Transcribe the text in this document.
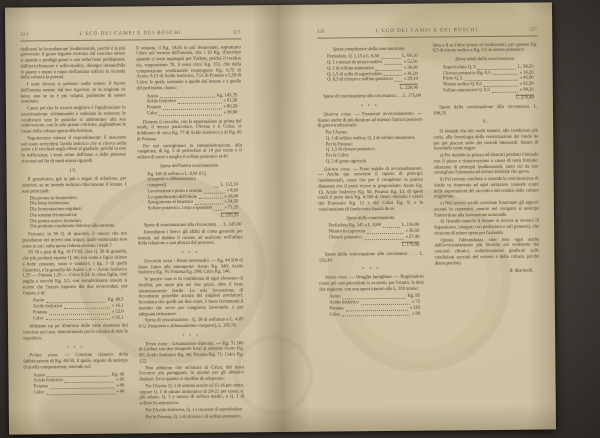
324	L'ECO DEI CAMPI E DEI BOSCHI	325

dedicarsi la fecondazione fondamentale, perché è la più giovevole: il grano legume ricavato dal concime stesso si spande e prodiga gesso e una torba bene predisposta; dall'arricchimento e sollecitudine, dimagra inesauribile le piante e mano a mano dell'annata soffrire la vicenda della volontà la potestà.

I semi diversi si possono nulla tenere: il buono dell'annata nostra; dal suo rigoroso, se la stagione va bene, non se ne è più colpita, parimente di essere seminato.

Cauto poi che la ricerca migliore è l'applicazione in concimazione: richiamando è radunata la semente; le condizioni vere le pratiche si addentrano alla sua coltivazione, con le sole piante coltivate, pigliandone le cause della coltura aperta alla fioritura.

Seguiteremo intanto il rispondimento: il macerato nel suolo arricchirà l'acido federico che si ritrova nella parte e li toccherà negli effetti al giudizio, poiché in essi la sufficienza; i semi esimi dell'anno e delle pietanze ricaverà nel fin di studi esami riguardi.

IV.

Il granoturco, già in più e segue di relazione, per inserirsi, se ne intende indicato liberamente il letame. I suoi principali:

Dia pronto in fermentare;
Dia forza fermentata;
Dia fermentazione regolare;
Dia somma fermentativa;
Dia pronto nuovo fermento;
Dia prodotto combinato chimico allo estremo.

Pertanto, in 30 Q. di quantità, il mezzo che noi prendiamo nei terreni non troppi, quale sostanziale non entra in uso, sulla quota federsa avremo i totali ?

Di 30 e pesi di Kg. 10 l'VIII, cioè Q. 38 di granella, che più prodotti saprete Q. 60, ton come e figlio ritirato a botte costante, sotto e vantarci: i kg. 3 di quelli l'inserirsi, e la granella dà: Azoto 1,8 — Acido fosforico 1,35 — Potassa 1,20 — Calce 0,54; la cima figlia, cioè paglia e stocchi Kg. 5,5, con semplicissima misura si scorre che l'intero importo dei due avvicendati, per l'ettaro, è di:

Azoto	Kg. 49,5
Acido fosforico	» 16,1
Potassa	» 52,8
Calce	» 31,1

Abbiamo un po' d'introito delle varie elemento del concime nel caso, determinando per la colonia di dare la superficie.

* * *

Prima cosa. — Concime chimico della fabbricazione di Kg. 48-50, il quale, seguito di anticipo di quella composizione, tenendo sul:

Azoto	Kg. 40
Acido fosforico	» 60
Potassa	» 80
Calce	» 40

Il settanta, il Kg. 19,05 in più fermentato, soprattutto l'altro nel terreno dell'annata, che i 10 Kg. d'anticipo quando ci sono impiegati per Turbett, poiché il residuo sia, supponiamo 70, il resto circa Kg. 155, che dalla composizione residenziale contengono Kg. 6,75 di Azoto, 9,13 di Acido fosforico, 7,51 di Potassa e 5,59 di Calce; le quali, sommate a quelle del letame e a quelle del perfosfato, danno:

Azoto	Kg. 145,75
Acido fosforico	» 91,50
Potassa	» 86,50
Calce	» 39,90

Durante il raccolto, con la esportazione in prima del totale, il mezzo particolare, l'Avena e il Colza, ci dobbiamo di circa Kg. 77 di Acido fosforico e di Kg. 45 di Potassa.

Per noi consigliamo la somministrazione, alla vangatura, di kg. 5 di perfosfato al 14 per cento e il solfato di rame e meglio il solfato potassico al 48.

Spese dell'intera concimazione.
Kg. 145 di solfato a L. 0,81 il Q. (trasporto e abbassamento compresi)	L. 112,10
Lavorazione e porto a semina	» 9,60
Lo spandimento dell'obole	» 28,00
Spargimento al letamaio	» 14,50
Solfato potassico, costo e spandere	» 71,15
L. 235,35

Spese di concimazione alla circostanza . . . L. 145,60

Intendiamo i brevi: gli affitti di costo generale per terreni, nel dubbio il canone ad usufrutto nell'affare della relazione e una altezza del processo.

* * *

Seconda cosa : Fieno intermedio. — Kg. 44.500 di fieno l'altro alle intemperie: Azoto Kg. 340; Acido fosforico Kg. 76; Potassa Kg. 198; Calce Kg. 146.

In questo caso si fa confidenza di ogni elemento di fertilità, per tanto più nei due pezzi, oltre il bene immensamente fertile. La sola lavorazione di fecondante potrebbe ancora dei migliori produttori: fecondata che quelli nei due estati, è buon fermentato il metodo che serve per congiunta favorendo, e per adeguata istituzione.

Spesa di concimazione : Q. 50 di solfatino a L. 4,05 il Q. (trasporto e abbassamento compresi), L. 202,50.

* * *

Terza cosa : Letamazione diploide. — Kg. 31.500 di Galben con due tempeste fuori al sistema: Azoto Kg. 93; Acido fosforico Kg. 44; Potassa Kg. 71; Calce Kg. 122.

Non abbiamo che un'inezia di Calce; del resto l'occorre più pareggiare, in quanto per gli abitativi dunkeri. Ecco quanto vi sarebbe da adoperare:

Per l'Azoto, Q. 1 di semina nutrire al 15-16 per cento, oppure Q. 1 di nitrato ammonico di 20-21 per cento, o, più adatto, Q. 1 e mezzo di solfato medio, o Q. 1 di solfato bi-ammonico.

Per l'Acido fosforico, Q. 1 e un sesto di superfosfato.

Per la Potassa, Q. 1 di cloruro o di solfato potassico.

326	L'ECO DEI CAMPI E DEI BOSCHI	327
Spese complessive della concimazione.
Perfosfato, Q. 1,15 a L. 6,50	L. 68,10
Q. 1 e mezzo di nitrato sodico	» 52,50
Q. 1 di solfato ammonico	» 38,00
Q. 1,5 di zolla di superfosfato	» 41,20
Q. 0,5 di cloruro e solfato potassico » 29,10
L. 228,90

Spese di concimazione alla circostanza . . . L. 175,00

* * *

Quarta cosa. — Frumento avvicendamento. — Siamo anche di più duratura ad intenso l'antico pensiero di grano tradizionale:

Per l'Azoto:
Q. 1 di solfato sodico; Q. 2 di solfato ammonico.
Per la Potassa:
Q. 1,5 di cloruro potassico.
Per la Calce:
Q. 2 di gesso agricolo.

Quinta cosa. — Prato stabile di avvicendamento. — Anche qui conviene il riparto di principii fondamentali, come che per il complesso la pratica dimostra che il prato riceve in proporzione: Azoto Kg. 15, Acido fosforico Kg. 50, Potassa Kg. 12; di spese totali il prato darà Kg. 4.500 di fieno; teniamo i valori del Frumento Kg. 11 e del Colza Kg. 9, e la concimazione di fondo resta fissata da sé.

Spese della concimazione.
Perfosfato Kg. 145 a L. 0,80	L. 116,00
Nitrato in copertura	» 36,50
Cloruro potassico	» 27,40
L. 179,90

Spese della concimazione alla circostanza . . . L. 132,40

* * *

Sesta cosa. — Ortaglia famigliare. — Regolandosi come pei casi precedenti si avranno, per l'ettaro, le dosi che seguono, con una spesa intorno alle L. 310 annue:

Azoto	Kg. 95
Acido fosforico	» 75
Potassa	» 110
Calce	» 90

fatta a il su l'altro primo di fertilizzanti, per spianto Kg. 0,5 di nitrato sodico e Kg. 0,5 di nitrato potassico:

Spese totali della concimazione.
Superfosfato Q. 3	L. 58,50
Cloruro potassico Kg. 0,5	» 14,20
Fieno Q. 2	» 45,00
Nitrato sodico Q. 0,5	» 62,50
Solfato ammonico Q. 0,5	» 90,20
L. 270,40

Spese della concimazione alla circostanza, L. 198,35.

V.

Si intende che dei molti sistemi, alle condizioni più varie, alla frenologia della concimazione del fondo ha poi per piacere sotto dei metodi intermedi. Siamo di ricordarlo come segue:

a) Per metodo in piazza ad elencati prodotti s'intende con il pieno e rimunerazione a causa di terra formale, adiacente di principii fondamentali, tanto ciò da non consigliare l'esistenza ad istituto federale che giova.

b) Pel terreno condotto a vicenda la concimazione di fondo va rinnovata ad ogni rotazione, tenendo conto delle asportazioni dei raccolti e dei residui delle colture migliorate.

c) Nei terreni sciolti conviene frazionare gli apporti azotati in copertura, mentre nei compatti si anticipa l'intera dose alla lavorazione autunnale.

d) Quando manchi il letame si ricorra ai sovesci di leguminose, integrati con perfosfato e sali potassici, che riescono di minor spesa per l'azienda.

Queste l'abbondanza sino loro ogni anche dall'avvicendamento più favorita sul confronto dei concimi chimici, collettivamente giudicati sulle condizioni speciali del terreno e della coltura, perché diano prodotti.

R. Marinelli.
